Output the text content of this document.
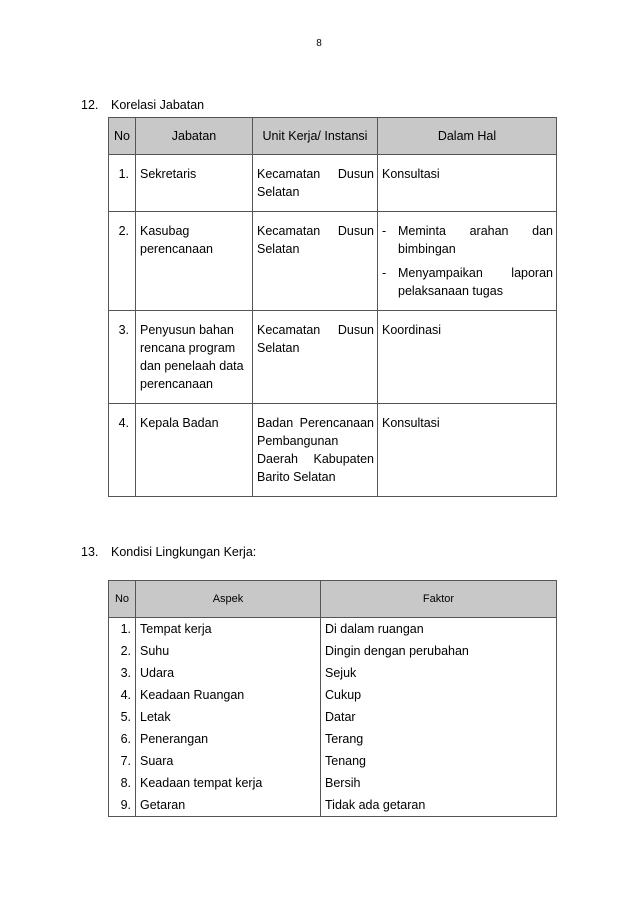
8
12. Korelasi Jabatan
No	Jabatan	Unit Kerja/ Instansi	Dalam Hal
1.	Sekretaris	Kecamatan Dusun Selatan	Konsultasi
2.	Kasubag perencanaan	Kecamatan Dusun Selatan	- Meminta arahan dan bimbingan
- Menyampaikan laporan pelaksanaan tugas

3.	Penyusun bahan rencana program dan penelaah data perencanaan	Kecamatan Dusun Selatan	Koordinasi
4.	Kepala Badan	Badan Perencanaan Pembangunan Daerah Kabupaten Barito Selatan	Konsultasi
13. Kondisi Lingkungan Kerja:
No	Aspek	Faktor
1.	Tempat kerja	Di dalam ruangan
2.	Suhu	Dingin dengan perubahan
3.	Udara	Sejuk
4.	Keadaan Ruangan	Cukup
5.	Letak	Datar
6.	Penerangan	Terang
7.	Suara	Tenang
8.	Keadaan tempat kerja	Bersih
9.	Getaran	Tidak ada getaran
